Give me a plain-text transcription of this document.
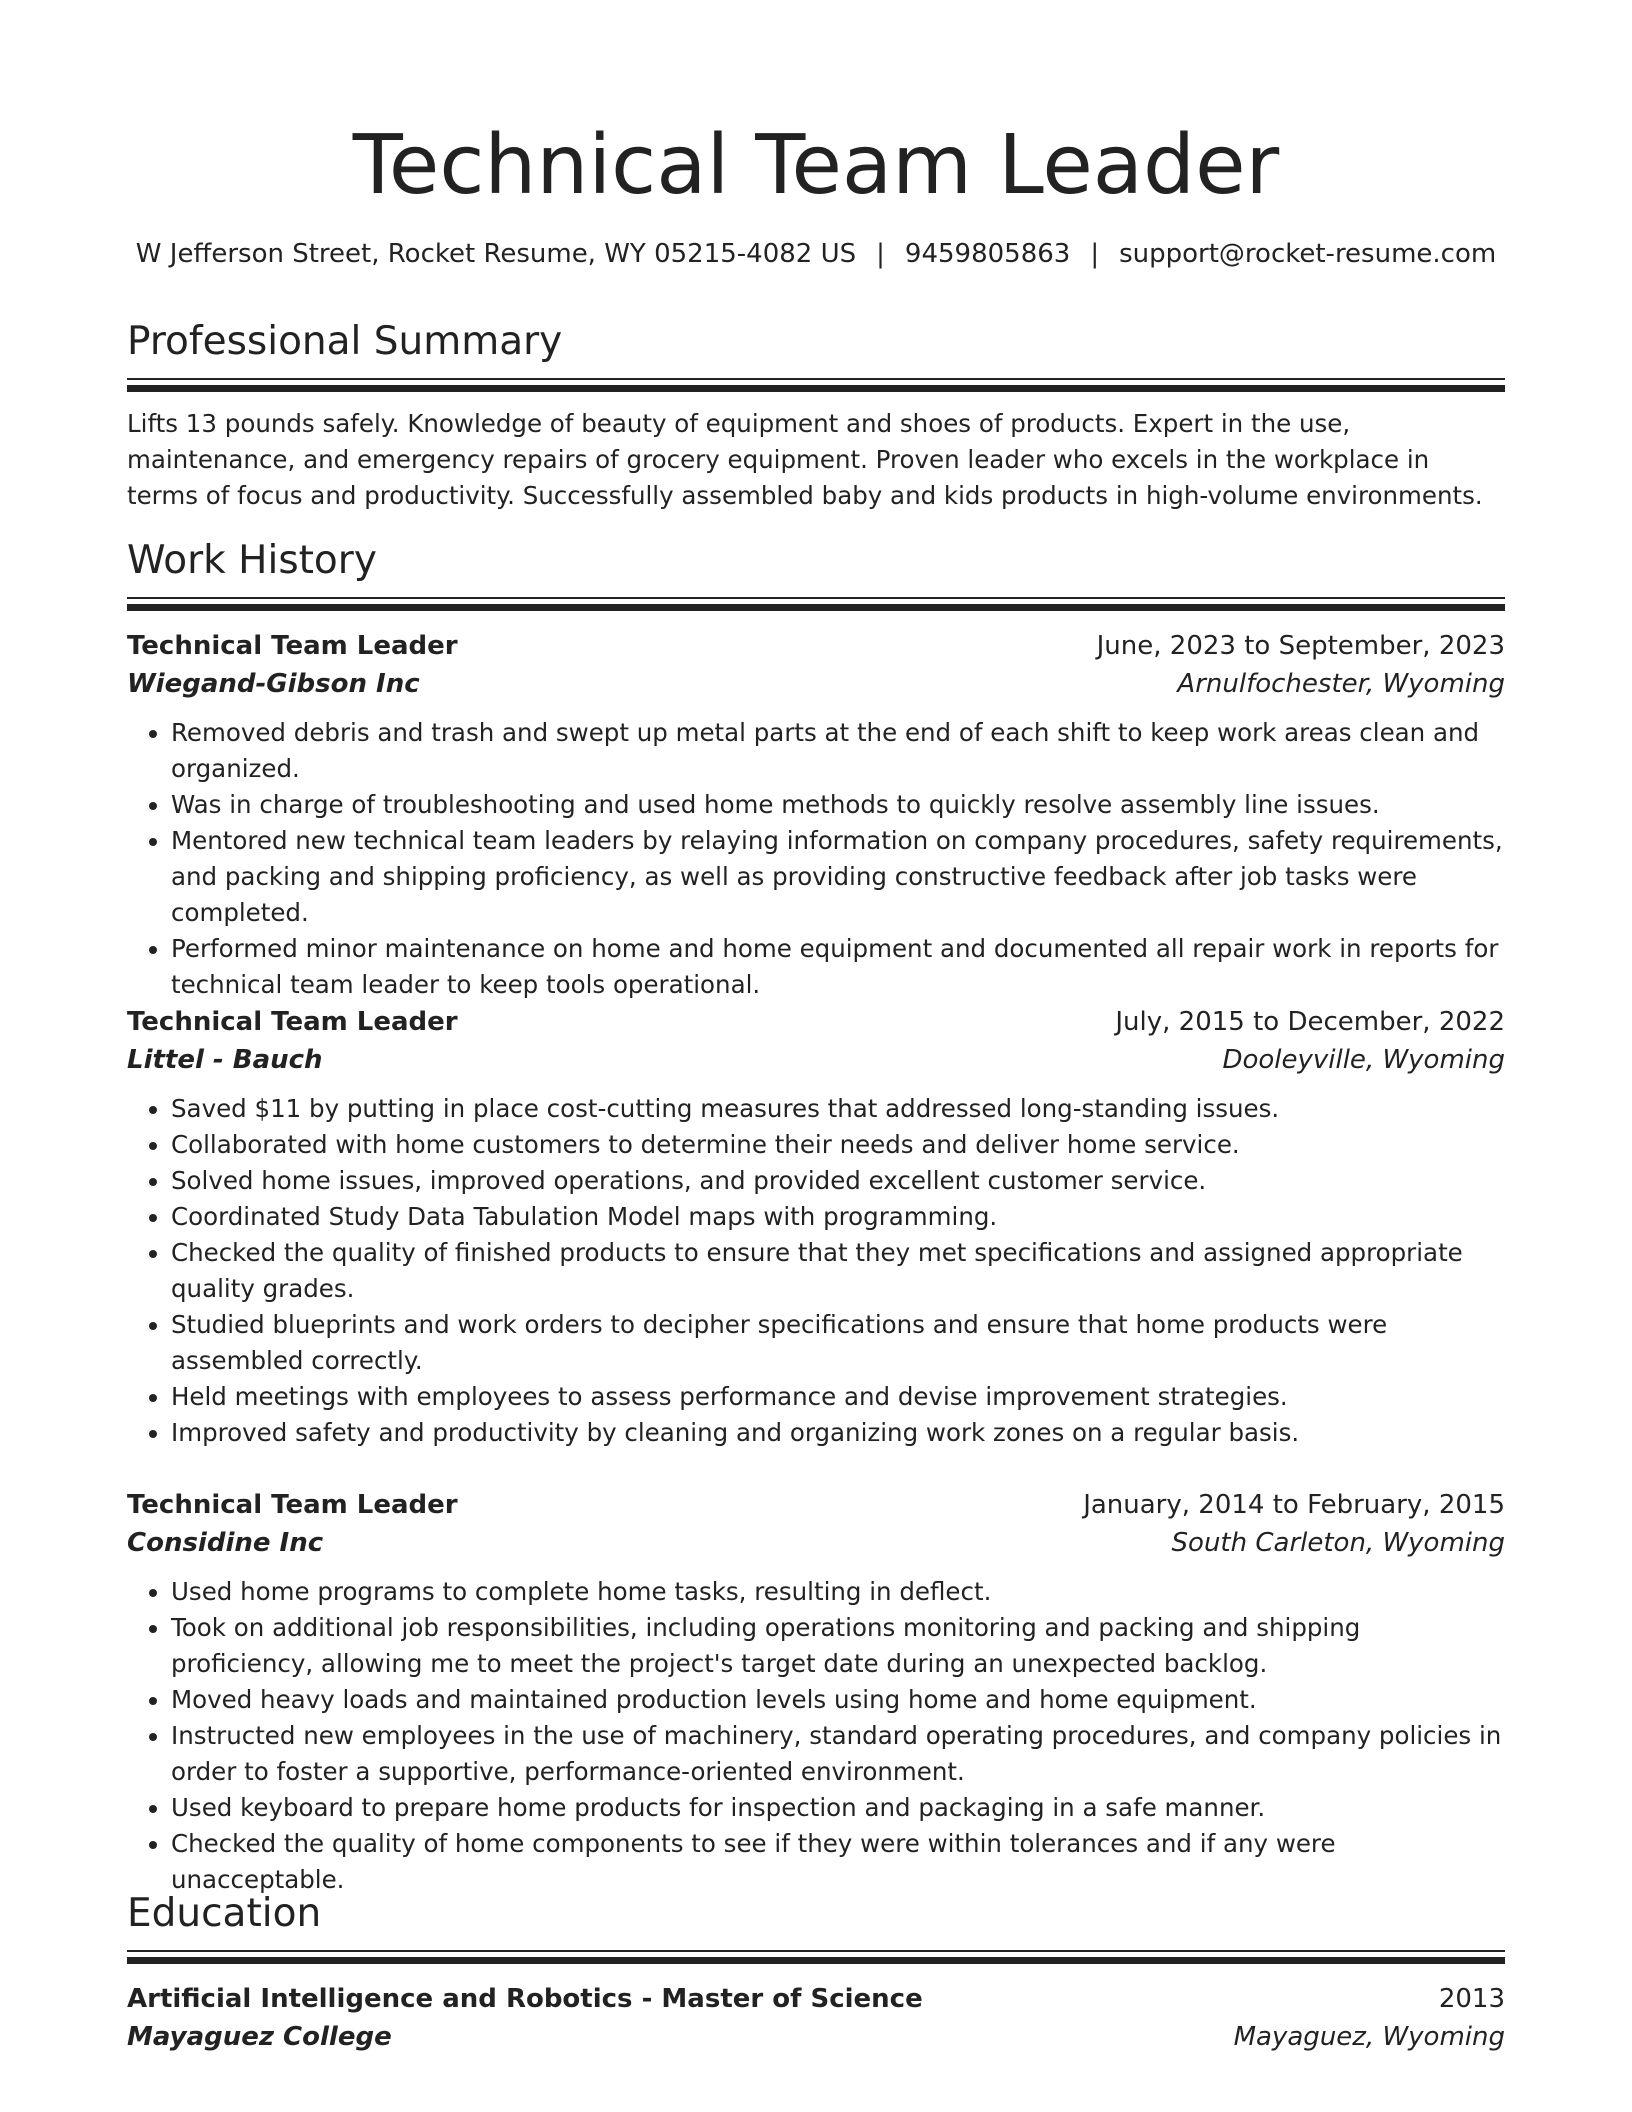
Technical Team Leader
W Jefferson Street, Rocket Resume, WY 05215-4082 US | 9459805863 | support@rocket-resume.com
Professional Summary
Lifts 13 pounds safely. Knowledge of beauty of equipment and shoes of products. Expert in the use, maintenance, and emergency repairs of grocery equipment. Proven leader who excels in the workplace in terms of focus and productivity. Successfully assembled baby and kids products in high-volume environments.
Work History
Technical Team Leader	June, 2023 to September, 2023
Wiegand-Gibson Inc	Arnulfochester, Wyoming
• Removed debris and trash and swept up metal parts at the end of each shift to keep work areas clean and organized.
• Was in charge of troubleshooting and used home methods to quickly resolve assembly line issues.
• Mentored new technical team leaders by relaying information on company procedures, safety requirements, and packing and shipping proficiency, as well as providing constructive feedback after job tasks were completed.
• Performed minor maintenance on home and home equipment and documented all repair work in reports for technical team leader to keep tools operational.
Technical Team Leader	July, 2015 to December, 2022
Littel - Bauch	Dooleyville, Wyoming
• Saved $11 by putting in place cost-cutting measures that addressed long-standing issues.
• Collaborated with home customers to determine their needs and deliver home service.
• Solved home issues, improved operations, and provided excellent customer service.
• Coordinated Study Data Tabulation Model maps with programming.
• Checked the quality of finished products to ensure that they met specifications and assigned appropriate quality grades.
• Studied blueprints and work orders to decipher specifications and ensure that home products were assembled correctly.
• Held meetings with employees to assess performance and devise improvement strategies.
• Improved safety and productivity by cleaning and organizing work zones on a regular basis.
Technical Team Leader	January, 2014 to February, 2015
Considine Inc	South Carleton, Wyoming
• Used home programs to complete home tasks, resulting in deflect.
• Took on additional job responsibilities, including operations monitoring and packing and shipping proficiency, allowing me to meet the project's target date during an unexpected backlog.
• Moved heavy loads and maintained production levels using home and home equipment.
• Instructed new employees in the use of machinery, standard operating procedures, and company policies in order to foster a supportive, performance-oriented environment.
• Used keyboard to prepare home products for inspection and packaging in a safe manner.
• Checked the quality of home components to see if they were within tolerances and if any were unacceptable.
Education
Artificial Intelligence and Robotics - Master of Science	2013
Mayaguez College	Mayaguez, Wyoming
